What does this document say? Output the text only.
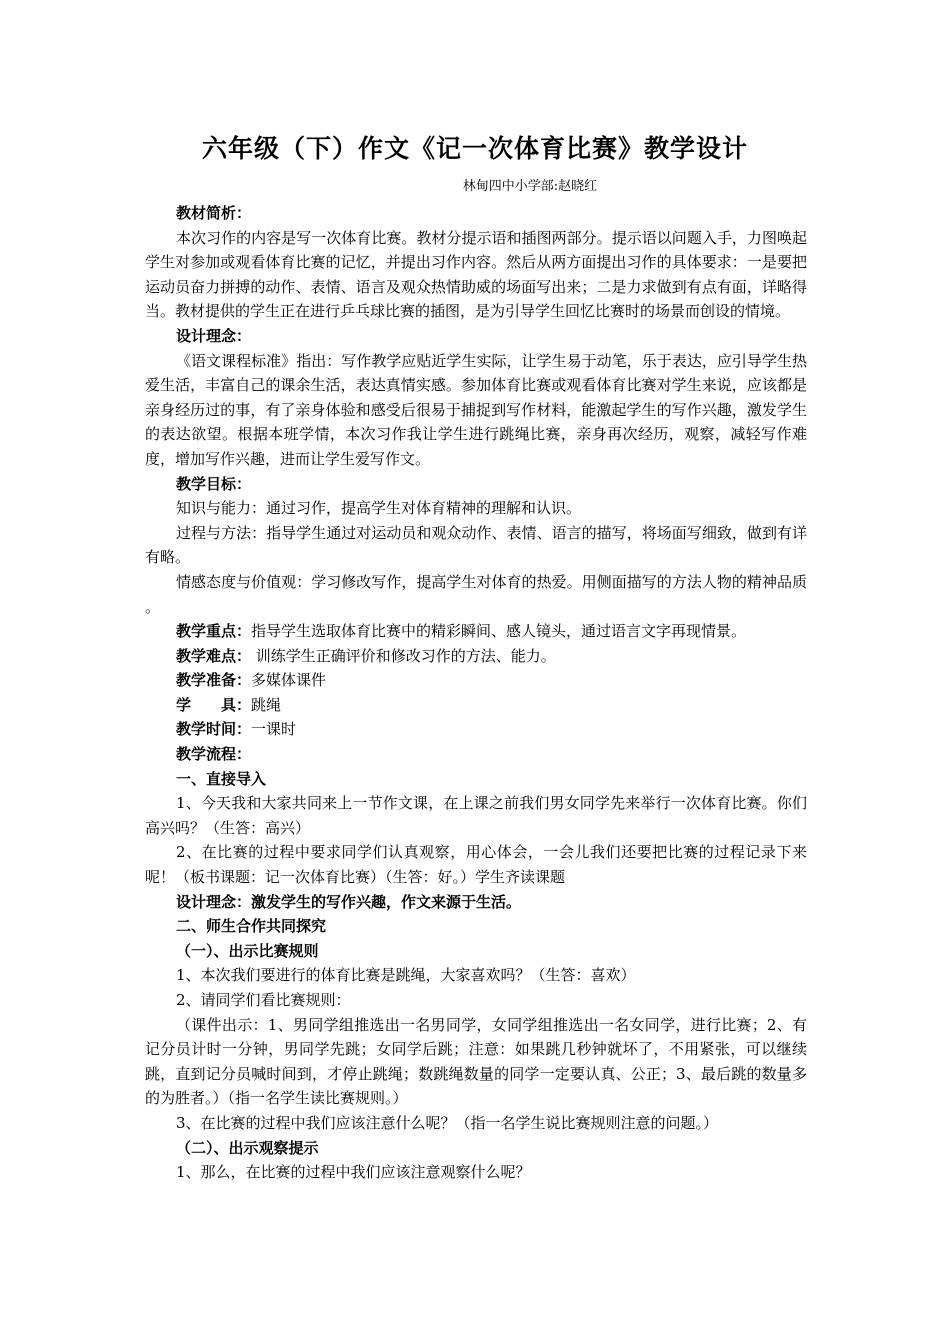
六年级（下）作文《记一次体育比赛》教学设计
林甸四中小学部:赵晓红

教材简析：

本次习作的内容是写一次体育比赛。教材分提示语和插图两部分。提示语以问题入手，力图唤起学生对参加或观看体育比赛的记忆，并提出习作内容。然后从两方面提出习作的具体要求：一是要把运动员奋力拼搏的动作、表情、语言及观众热情助威的场面写出来；二是力求做到有点有面，详略得当。教材提供的学生正在进行乒乓球比赛的插图，是为引导学生回忆比赛时的场景而创设的情境。

设计理念：

《语文课程标准》指出：写作教学应贴近学生实际，让学生易于动笔，乐于表达，应引导学生热爱生活，丰富自己的课余生活，表达真情实感。参加体育比赛或观看体育比赛对学生来说，应该都是亲身经历过的事，有了亲身体验和感受后很易于捕捉到写作材料，能激起学生的写作兴趣，激发学生的表达欲望。根据本班学情，本次习作我让学生进行跳绳比赛，亲身再次经历，观察，减轻写作难度，增加写作兴趣，进而让学生爱写作文。

教学目标：

知识与能力：通过习作，提高学生对体育精神的理解和认识。

过程与方法：指导学生通过对运动员和观众动作、表情、语言的描写，将场面写细致，做到有详有略。

情感态度与价值观：学习修改写作，提高学生对体育的热爱。用侧面描写的方法人物的精神品质 。

教学重点：指导学生选取体育比赛中的精彩瞬间、感人镜头，通过语言文字再现情景。

教学难点： 训练学生正确评价和修改习作的方法、能力。

教学准备：多媒体课件

学　　具：跳绳

教学时间：一课时

教学流程：

一、直接导入

1、今天我和大家共同来上一节作文课，在上课之前我们男女同学先来举行一次体育比赛。你们高兴吗？（生答：高兴）

2、在比赛的过程中要求同学们认真观察，用心体会，一会儿我们还要把比赛的过程记录下来呢！（板书课题：记一次体育比赛）（生答：好。）学生齐读课题

设计理念：激发学生的写作兴趣，作文来源于生活。

二、师生合作共同探究

（一）、出示比赛规则

1、本次我们要进行的体育比赛是跳绳，大家喜欢吗？（生答：喜欢）

2、请同学们看比赛规则：

（课件出示：1、男同学组推选出一名男同学，女同学组推选出一名女同学，进行比赛；2、有记分员计时一分钟，男同学先跳；女同学后跳；注意：如果跳几秒钟就坏了，不用紧张，可以继续跳，直到记分员喊时间到，才停止跳绳；数跳绳数量的同学一定要认真、公正；3、最后跳的数量多的为胜者。）（指一名学生读比赛规则。）

3、在比赛的过程中我们应该注意什么呢？（指一名学生说比赛规则注意的问题。）

（二）、出示观察提示

1、那么，在比赛的过程中我们应该注意观察什么呢？
